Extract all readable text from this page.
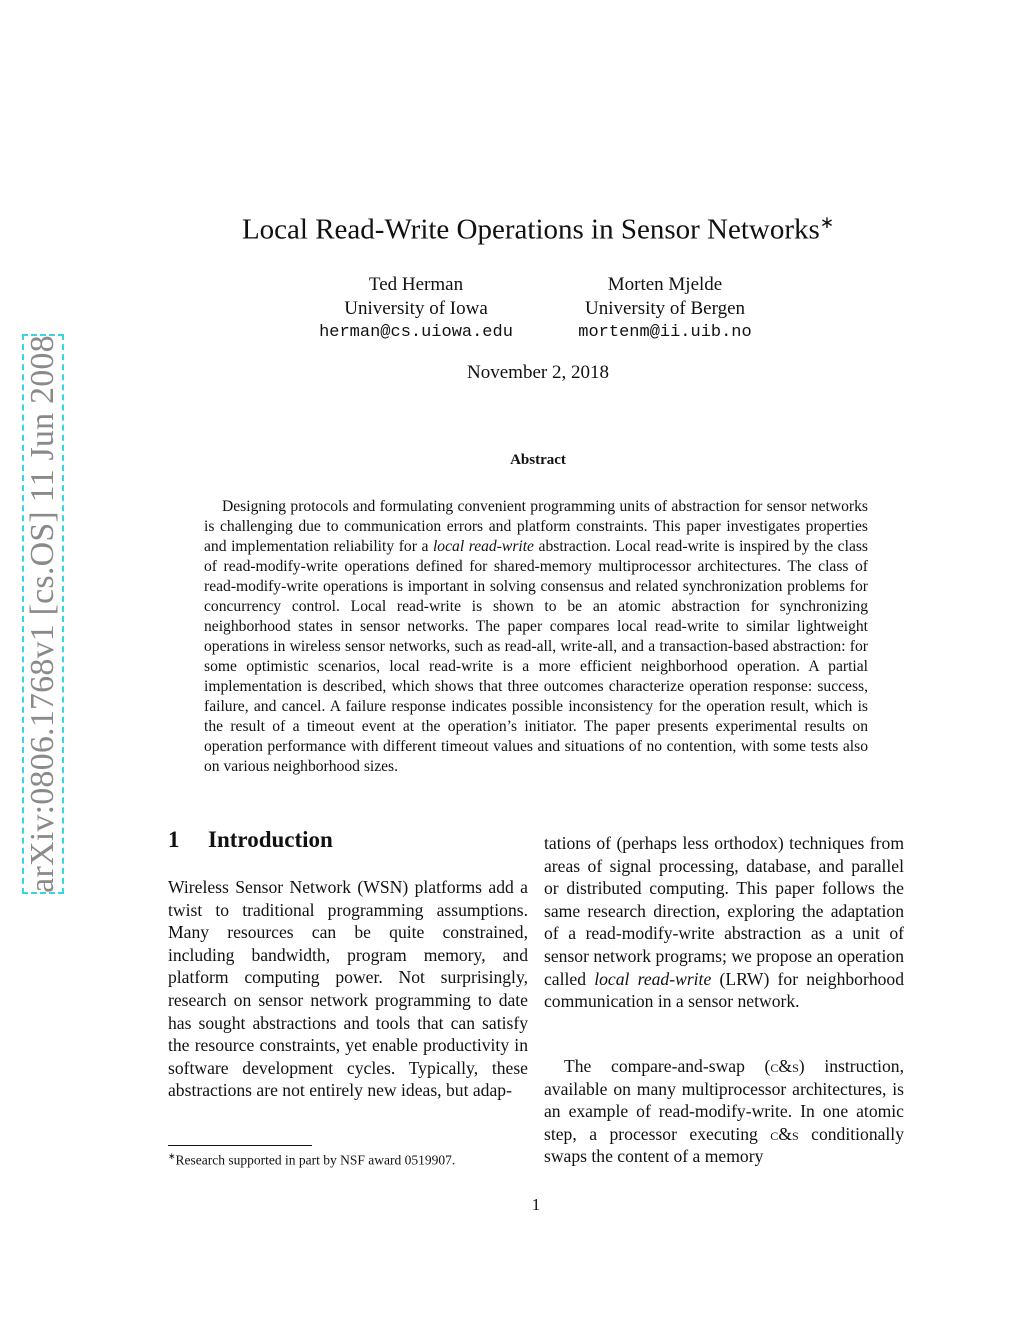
arXiv:0806.1768v1 [cs.OS] 11 Jun 2008
Local Read-Write Operations in Sensor Networks∗
Ted Herman
University of Iowa
herman@cs.uiowa.edu
Morten Mjelde
University of Bergen
mortenm@ii.uib.no
November 2, 2018
Abstract

Designing protocols and formulating convenient programming units of abstraction for sensor networks is challenging due to communication errors and platform constraints. This paper investigates properties and implementation reliability for a local read-write abstraction. Local read-write is inspired by the class of read-modify-write operations defined for shared-memory multiprocessor architectures. The class of read-modify-write operations is important in solving consensus and related synchronization problems for concurrency control. Local read-write is shown to be an atomic abstraction for synchronizing neighborhood states in sensor networks. The paper compares local read-write to similar lightweight operations in wireless sensor networks, such as read-all, write-all, and a transaction-based abstraction: for some optimistic scenarios, local read-write is a more efficient neighborhood operation. A partial implementation is described, which shows that three outcomes characterize operation response: success, failure, and cancel. A failure response indicates possible inconsistency for the operation result, which is the result of a timeout event at the operation’s initiator. The paper presents experimental results on operation performance with different timeout values and situations of no contention, with some tests also on various neighborhood sizes.

1 Introduction

Wireless Sensor Network (WSN) platforms add a twist to traditional programming assumptions. Many resources can be quite constrained, including bandwidth, program memory, and platform computing power. Not surprisingly, research on sensor network programming to date has sought abstractions and tools that can satisfy the resource constraints, yet enable productivity in software development cycles. Typically, these abstractions are not entirely new ideas, but adap-

tations of (perhaps less orthodox) techniques from areas of signal processing, database, and parallel or distributed computing. This paper follows the same research direction, exploring the adaptation of a read-modify-write abstraction as a unit of sensor network programs; we propose an operation called local read-write (LRW) for neighborhood communication in a sensor network.

The compare-and-swap (c&s) instruction, available on many multiprocessor architectures, is an example of read-modify-write. In one atomic step, a processor executing c&s conditionally swaps the content of a memory

∗Research supported in part by NSF award 0519907.
1
